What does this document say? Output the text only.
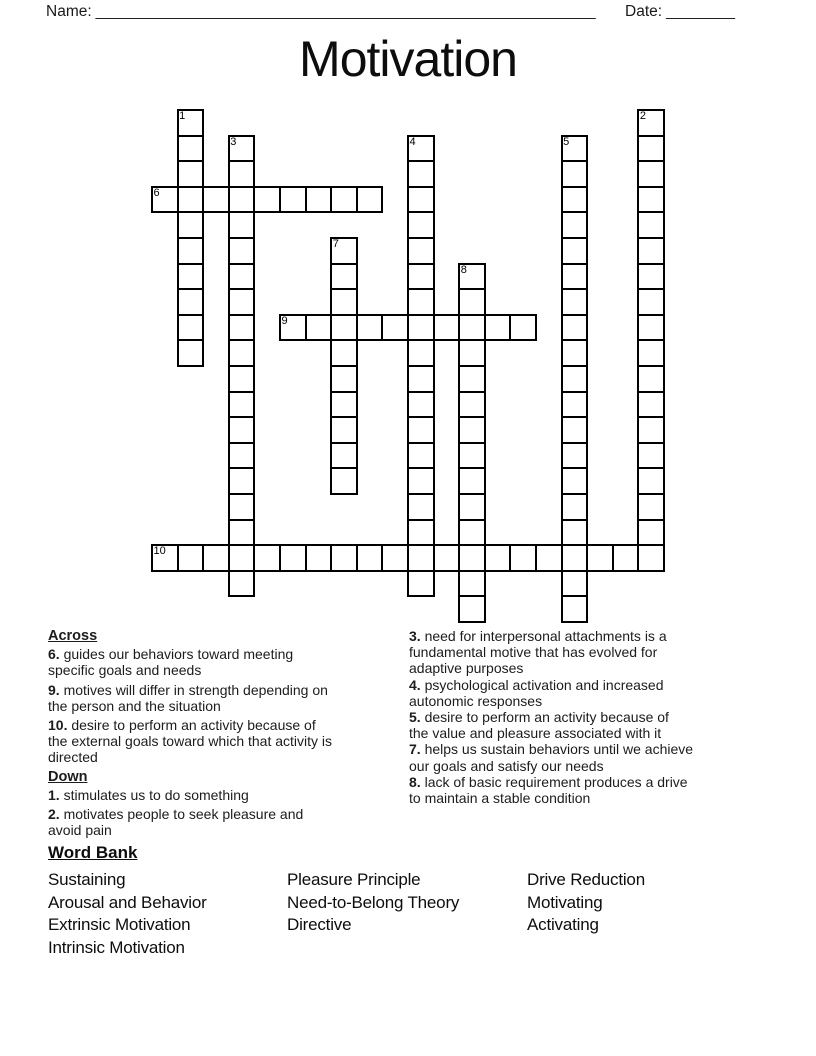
Name: __________________________________________________________ Date: ________
Motivation
1	2
3	4	5
6
7
8
9
10
Across
6. guides our behaviors toward meeting
specific goals and needs
9. motives will differ in strength depending on
the person and the situation
10. desire to perform an activity because of
the external goals toward which that activity is
directed
Down
1. stimulates us to do something
2. motivates people to seek pleasure and
avoid pain
3. need for interpersonal attachments is a
fundamental motive that has evolved for
adaptive purposes
4. psychological activation and increased
autonomic responses
5. desire to perform an activity because of
the value and pleasure associated with it
7. helps us sustain behaviors until we achieve
our goals and satisfy our needs
8. lack of basic requirement produces a drive
to maintain a stable condition
Word Bank
Sustaining
Arousal and Behavior
Extrinsic Motivation
Intrinsic Motivation
Pleasure Principle
Need-to-Belong Theory
Directive
Drive Reduction
Motivating
Activating
